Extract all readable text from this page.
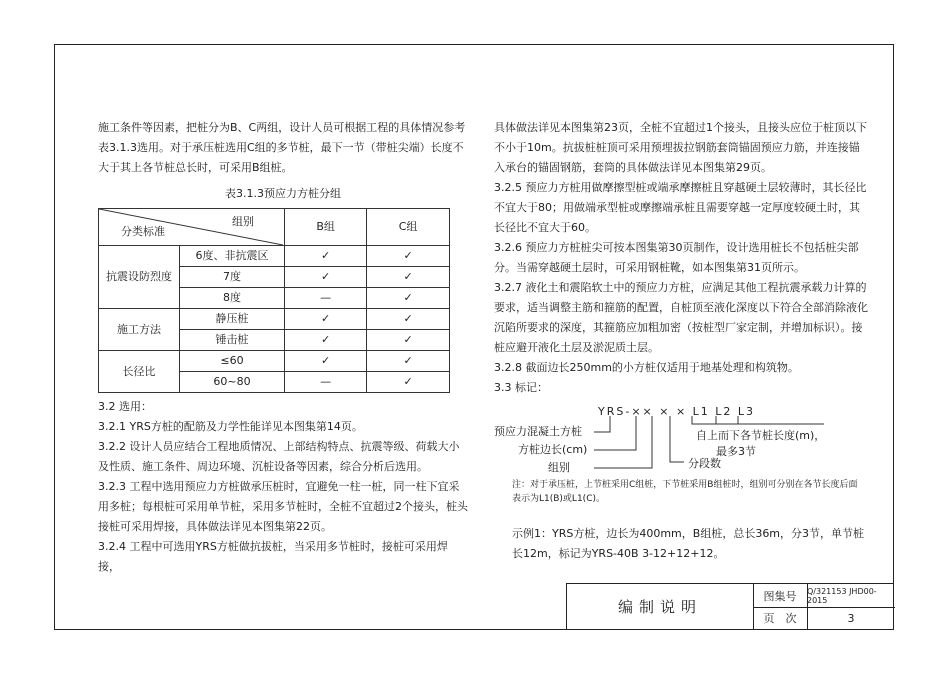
施工条件等因素，把桩分为B、C两组，设计人员可根据工程的具体情况参考表3.1.3选用。对于承压桩选用C组的多节桩，最下一节（带桩尖端）长度不大于其上各节桩总长时，可采用B组桩。

表3.1.3预应力方桩分组
组别
分类标准		B组	C组
抗震设防烈度	6度、非抗震区	✓	✓
	7度	✓	✓
	8度	—	✓
施工方法	静压桩	✓	✓
	锤击桩	✓	✓
长径比	≤60	✓	✓
	60~80	—	✓

3.2 选用：

3.2.1 YRS方桩的配筋及力学性能详见本图集第14页。

3.2.2 设计人员应结合工程地质情况、上部结构特点、抗震等级、荷载大小及性质、施工条件、周边环境、沉桩设备等因素，综合分析后选用。

3.2.3 工程中选用预应力方桩做承压桩时，宜避免一柱一桩，同一柱下宜采用多桩；每根桩可采用单节桩，采用多节桩时，全桩不宜超过2个接头，桩头接桩可采用焊接，具体做法详见本图集第22页。

3.2.4 工程中可选用YRS方桩做抗拔桩，当采用多节桩时，接桩可采用焊接，

具体做法详见本图集第23页，全桩不宜超过1个接头，且接头应位于桩顶以下不小于10m。抗拔桩桩顶可采用预埋拔拉钢筋套筒锚固预应力筋，并连接锚入承台的锚固钢筋，套筒的具体做法详见本图集第29页。

3.2.5 预应力方桩用做摩擦型桩或端承摩擦桩且穿越硬土层较薄时，其长径比不宜大于80；用做端承型桩或摩擦端承桩且需要穿越一定厚度较硬土时，其长径比不宜大于60。

3.2.6 预应力方桩桩尖可按本图集第30页制作，设计选用桩长不包括桩尖部分。当需穿越硬土层时，可采用钢桩靴，如本图集第31页所示。

3.2.7 液化土和震陷软土中的预应力方桩，应满足其他工程抗震承载力计算的要求，适当调整主筋和箍筋的配置，自桩顶至液化深度以下符合全部消除液化沉陷所要求的深度，其箍筋应加粗加密（按桩型厂家定制，并增加标识）。接桩应避开液化土层及淤泥质土层。

3.2.8 截面边长250mm的小方桩仅适用于地基处理和构筑物。

3.3 标记：

YRS-×× × × L1 L2 L3
预应力混凝土方桩
方桩边长(cm)
组别
自上而下各节桩长度(m)，
最多3节
分段数

注：对于承压桩，上节桩采用C组桩，下节桩采用B组桩时，组别可分别在各节长度后面表示为L1(B)或L1(C)。

示例1：YRS方桩，边长为400mm，B组桩，总长36m，分3节，单节桩长12m，标记为YRS-40B 3-12+12+12。

编制说明
图集号	Q/321153 JHD00-2015
页　次	3
